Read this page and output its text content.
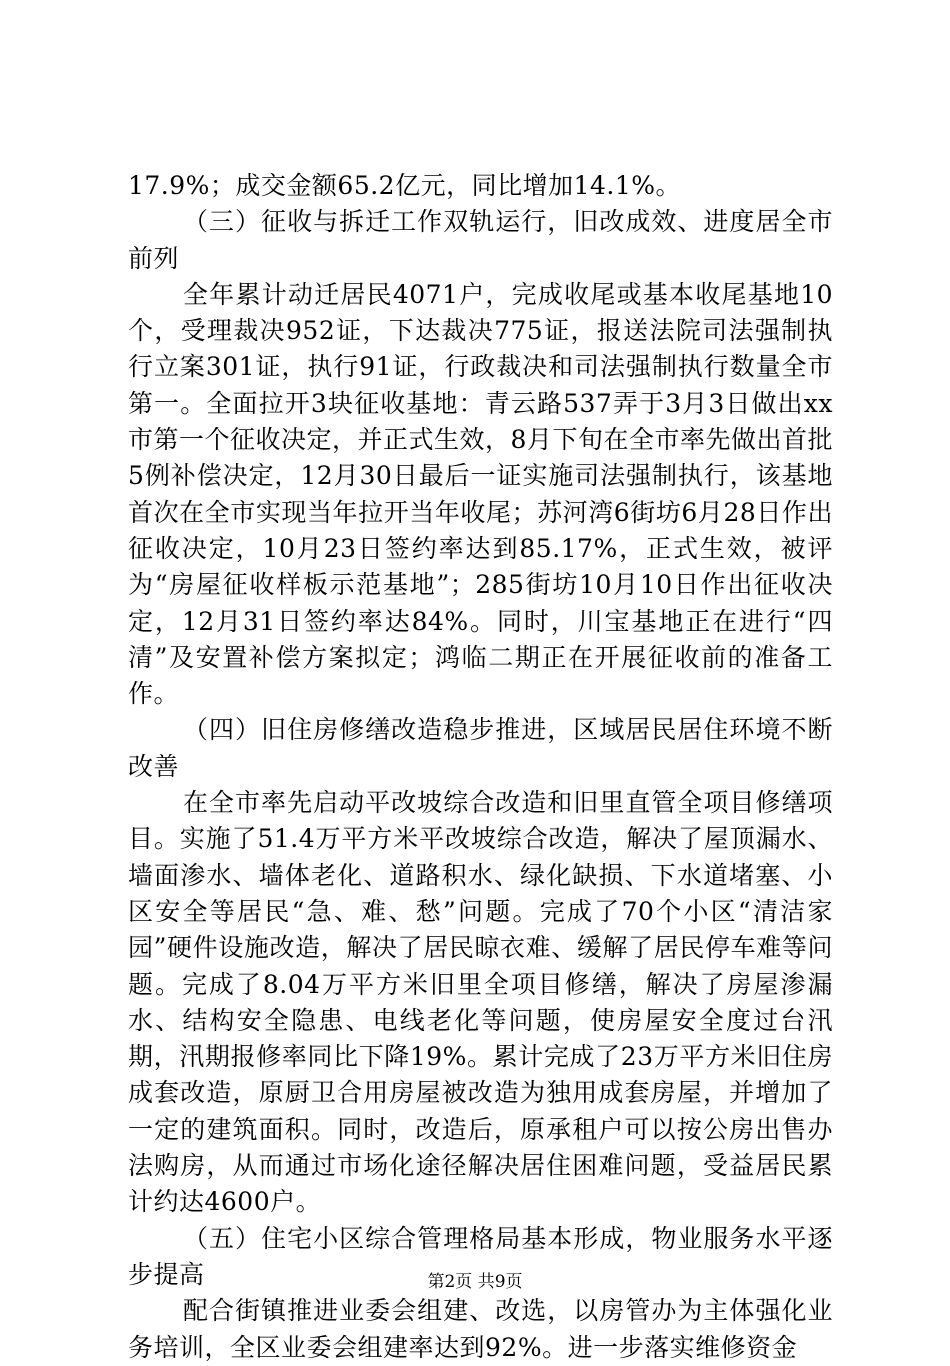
17.9%；成交金额65.2亿元，同比增加14.1%。

（三）征收与拆迁工作双轨运行，旧改成效、进度居全市前列

全年累计动迁居民4071户，完成收尾或基本收尾基地10个，受理裁决952证，下达裁决775证，报送法院司法强制执行立案301证，执行91证，行政裁决和司法强制执行数量全市第一。全面拉开3块征收基地：青云路537弄于3月3日做出xx市第一个征收决定，并正式生效，8月下旬在全市率先做出首批5例补偿决定，12月30日最后一证实施司法强制执行，该基地首次在全市实现当年拉开当年收尾；苏河湾6街坊6月28日作出征收决定，10月23日签约率达到85.17%，正式生效，被评为“房屋征收样板示范基地”；285街坊10月10日作出征收决定，12月31日签约率达84%。同时，川宝基地正在进行“四清”及安置补偿方案拟定；鸿临二期正在开展征收前的准备工作。

（四）旧住房修缮改造稳步推进，区域居民居住环境不断改善

在全市率先启动平改坡综合改造和旧里直管全项目修缮项目。实施了51.4万平方米平改坡综合改造，解决了屋顶漏水、墙面渗水、墙体老化、道路积水、绿化缺损、下水道堵塞、小区安全等居民“急、难、愁”问题。完成了70个小区“清洁家园”硬件设施改造，解决了居民晾衣难、缓解了居民停车难等问题。完成了8.04万平方米旧里全项目修缮，解决了房屋渗漏水、结构安全隐患、电线老化等问题，使房屋安全度过台汛期，汛期报修率同比下降19%。累计完成了23万平方米旧住房成套改造，原厨卫合用房屋被改造为独用成套房屋，并增加了一定的建筑面积。同时，改造后，原承租户可以按公房出售办法购房，从而通过市场化途径解决居住困难问题，受益居民累计约达4600户。

（五）住宅小区综合管理格局基本形成，物业服务水平逐步提高

配合街镇推进业委会组建、改选，以房管办为主体强化业务培训，全区业委会组建率达到92%。进一步落实维修资金

第2页 共9页
